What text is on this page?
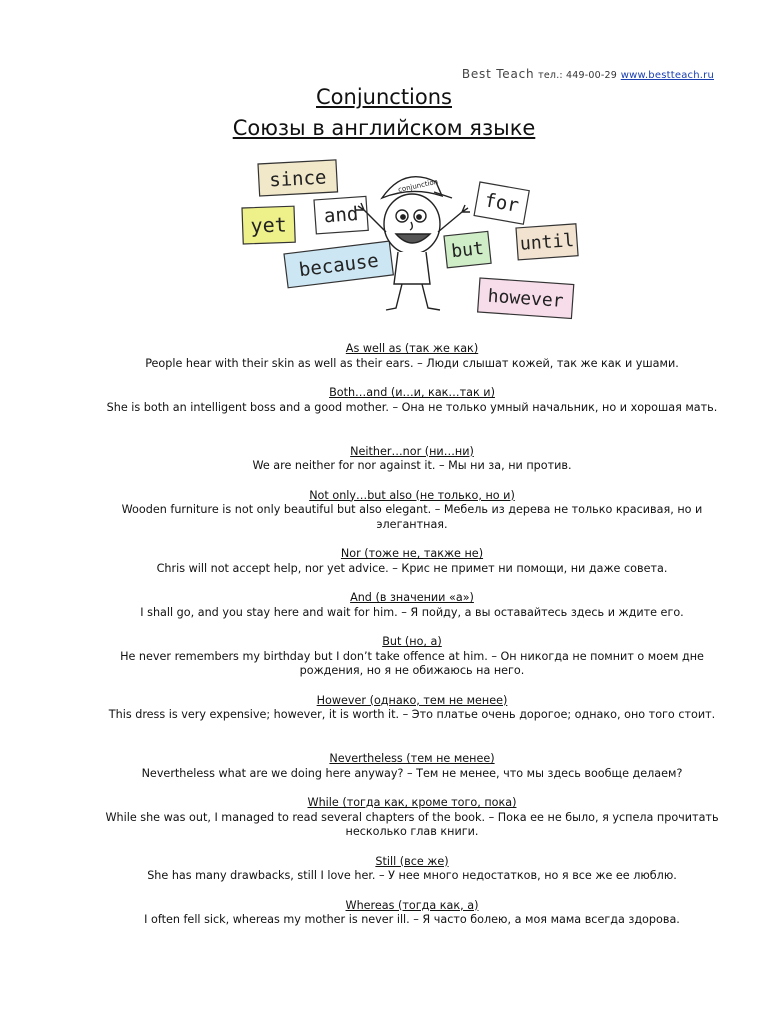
Best Teach тел.: 449-00-29 www.bestteach.ru
Conjunctions
Союзы в английском языке
since
yet and
because
for
until
but
however
conjunction
As well as (так же как)
People hear with their skin as well as their ears. – Люди слышат кожей, так же как и ушами.
Both…and (и…и, как…так и)
She is both an intelligent boss and a good mother. – Она не только умный начальник, но и хорошая мать.
Neither…nor (ни…ни)
We are neither for nor against it. – Мы ни за, ни против.
Not only…but also (не только, но и)
Wooden furniture is not only beautiful but also elegant. – Мебель из дерева не только красивая, но и элегантная.
Nor (тоже не, также не)
Chris will not accept help, nor yet advice. – Крис не примет ни помощи, ни даже совета.
And (в значении «а»)
I shall go, and you stay here and wait for him. – Я пойду, а вы оставайтесь здесь и ждите его.
But (но, а)
He never remembers my birthday but I don’t take offence at him. – Он никогда не помнит о моем дне рождения, но я не обижаюсь на него.
However (однако, тем не менее)
This dress is very expensive; however, it is worth it. – Это платье очень дорогое; однако, оно того стоит.
Nevertheless (тем не менее)
Nevertheless what are we doing here anyway? – Тем не менее, что мы здесь вообще делаем?
While (тогда как, кроме того, пока)
While she was out, I managed to read several chapters of the book. – Пока ее не было, я успела прочитать несколько глав книги.
Still (все же)
She has many drawbacks, still I love her. – У нее много недостатков, но я все же ее люблю.
Whereas (тогда как, а)
I often fell sick, whereas my mother is never ill. – Я часто болею, а моя мама всегда здорова.
